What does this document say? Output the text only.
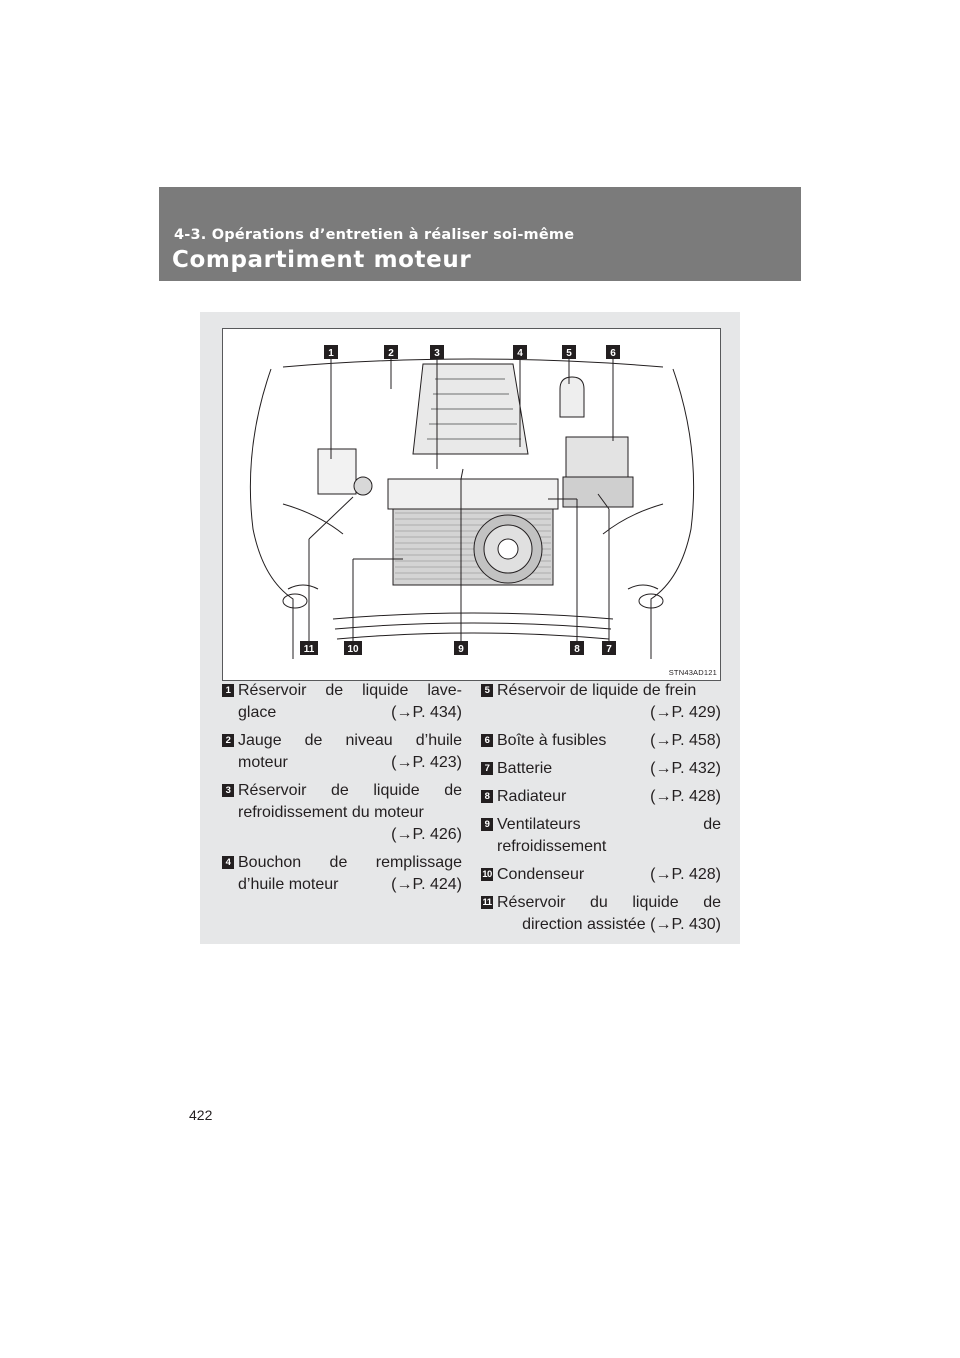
4-3. Opérations d’entretien à réaliser soi-même
Compartiment moteur
1	2	3	4	5	6
11	10	9	8	7
STN43AD121
1 Réservoir de liquide lave-
glace	(→P. 434)
2 Jauge de niveau d’huile
moteur	(→P. 423)
3 Réservoir de liquide de
refroidissement du moteur
(→P. 426)
4 Bouchon de remplissage
d’huile moteur	(→P. 424)
5 Réservoir de liquide de frein
(→P. 429)
6 Boîte à fusibles	(→P. 458)
7 Batterie	(→P. 432)
8 Radiateur	(→P. 428)
9 Ventilateurs de
refroidissement
10 Condenseur	(→P. 428)
11 Réservoir du liquide de
direction assistée (→P. 430)
422
carmanualsonline.info
